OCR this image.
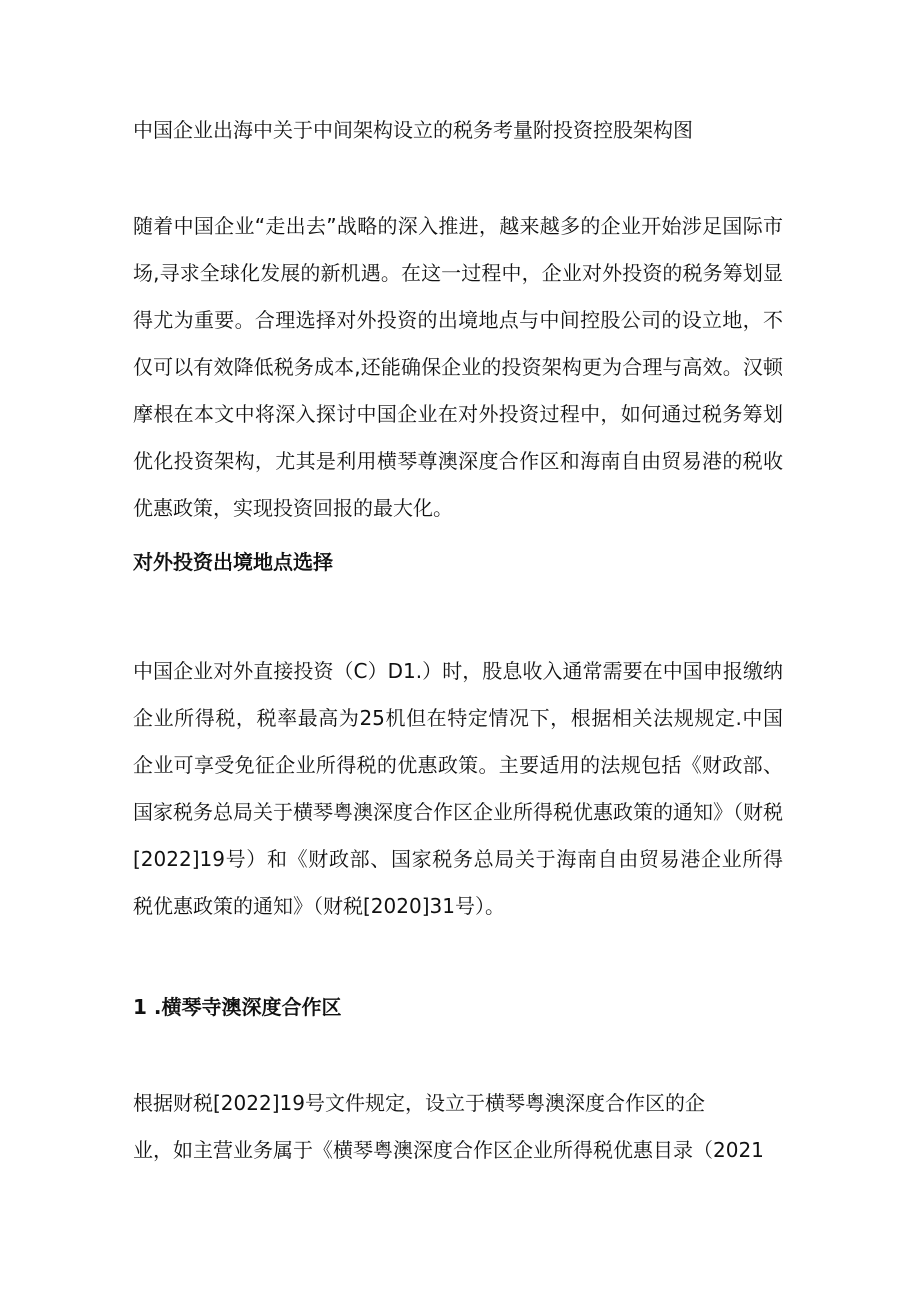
中国企业出海中关于中间架构设立的税务考量附投资控股架构图

随着中国企业“走出去”战略的深入推进，越来越多的企业开始涉足国际市场,寻求全球化发展的新机遇。在这一过程中，企业对外投资的税务筹划显得尤为重要。合理选择对外投资的出境地点与中间控股公司的设立地，不仅可以有效降低税务成本,还能确保企业的投资架构更为合理与高效。汉顿摩根在本文中将深入探讨中国企业在对外投资过程中，如何通过税务筹划优化投资架构，尤其是利用横琴尊澳深度合作区和海南自由贸易港的税收优惠政策，实现投资回报的最大化。

对外投资出境地点选择

中国企业对外直接投资（C）D1.）时，股息收入通常需要在中国申报缴纳企业所得税，税率最高为25机但在特定情况下，根据相关法规规定.中国企业可享受免征企业所得税的优惠政策。主要适用的法规包括《财政部、国家税务总局关于横琴粤澳深度合作区企业所得税优惠政策的通知》（财税[2022]19号）和《财政部、国家税务总局关于海南自由贸易港企业所得税优惠政策的通知》（财税[2020]31号）。

1 .横琴寺澳深度合作区

根据财税[2022]19号文件规定，设立于横琴粤澳深度合作区的企

业，如主营业务属于《横琴粤澳深度合作区企业所得税优惠目录（2021
